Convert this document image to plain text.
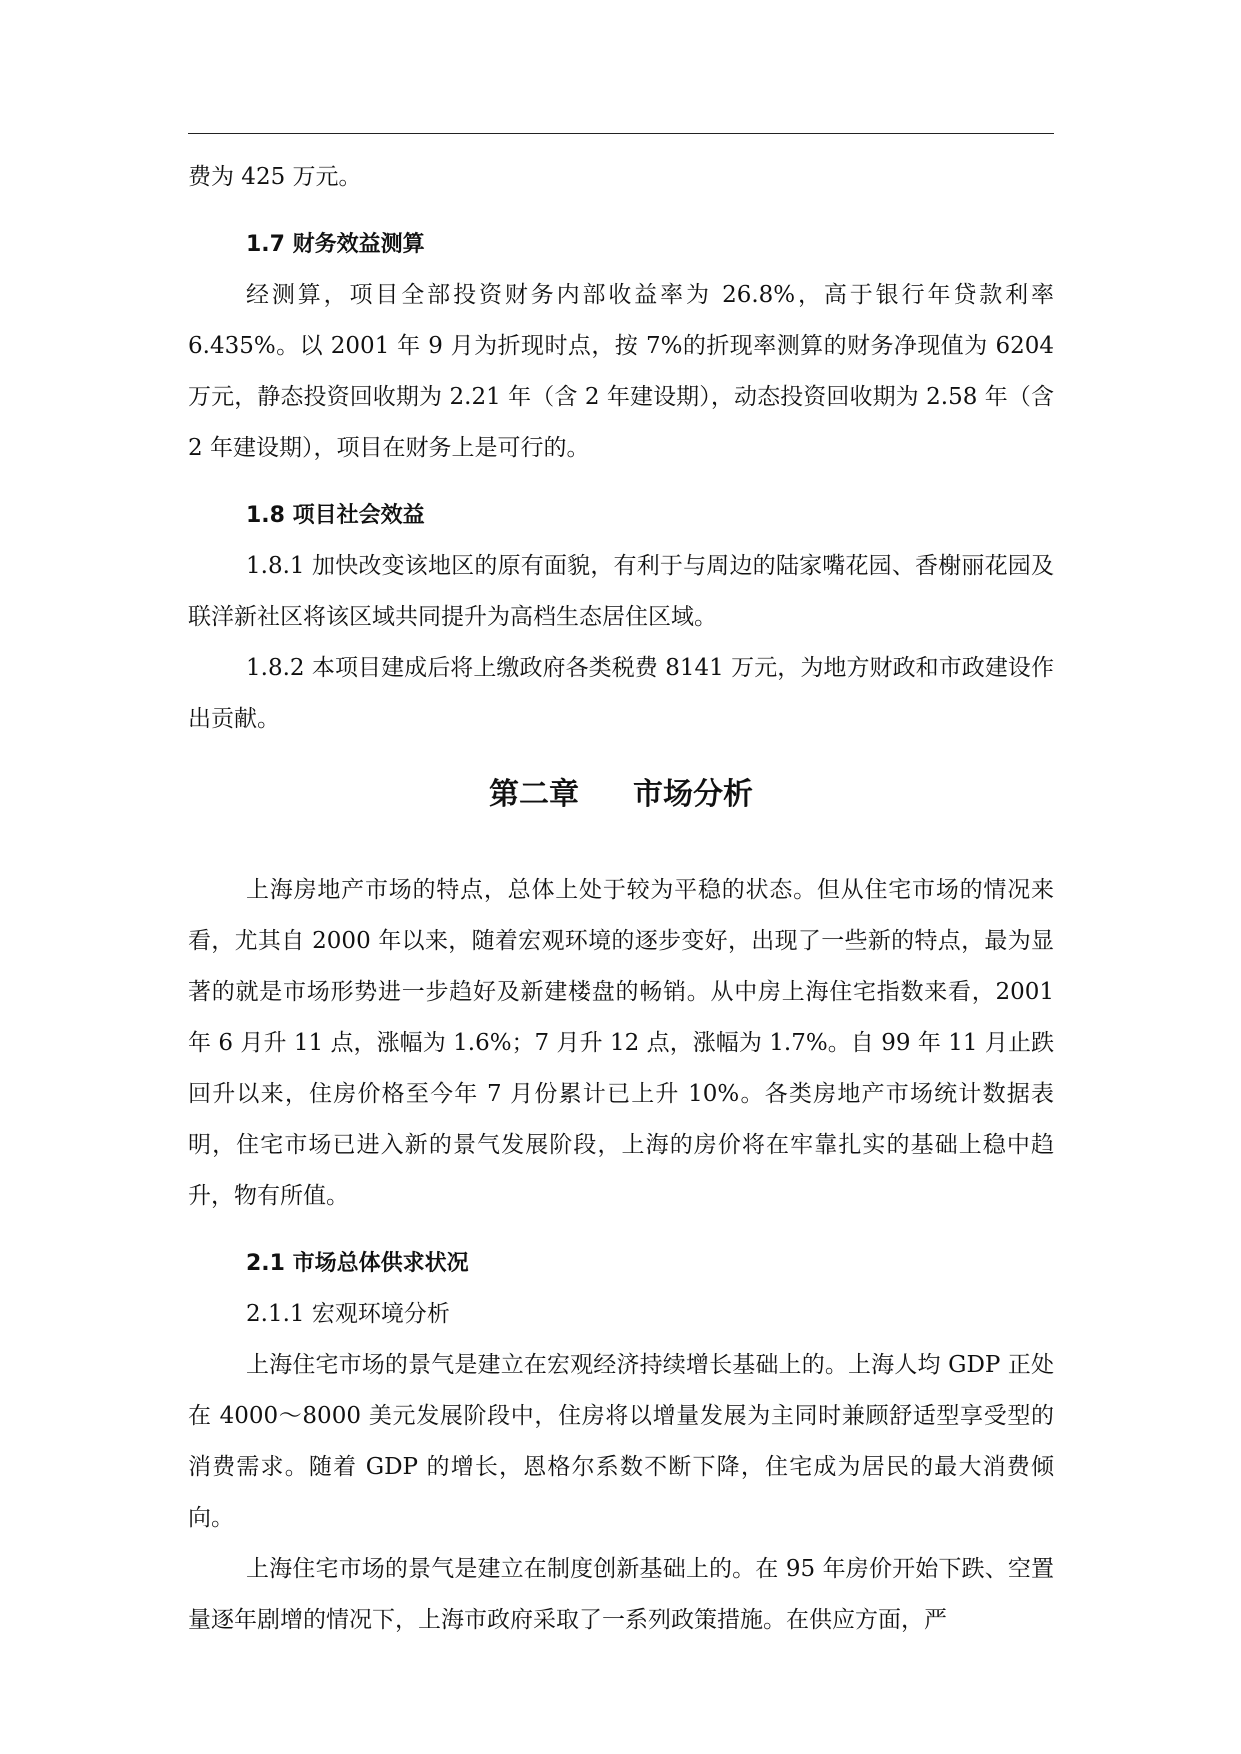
费为 425 万元。

1.7 财务效益测算

经测算，项目全部投资财务内部收益率为 26.8%，高于银行年贷款利率 6.435%。以 2001 年 9 月为折现时点，按 7%的折现率测算的财务净现值为 6204 万元，静态投资回收期为 2.21 年（含 2 年建设期），动态投资回收期为 2.58 年（含 2 年建设期），项目在财务上是可行的。

1.8 项目社会效益

1.8.1 加快改变该地区的原有面貌，有利于与周边的陆家嘴花园、香榭丽花园及联洋新社区将该区域共同提升为高档生态居住区域。

1.8.2 本项目建成后将上缴政府各类税费 8141 万元，为地方财政和市政建设作出贡献。

第二章 市场分析

上海房地产市场的特点，总体上处于较为平稳的状态。但从住宅市场的情况来看，尤其自 2000 年以来，随着宏观环境的逐步变好，出现了一些新的特点，最为显著的就是市场形势进一步趋好及新建楼盘的畅销。从中房上海住宅指数来看，2001 年 6 月升 11 点，涨幅为 1.6%；7 月升 12 点，涨幅为 1.7%。自 99 年 11 月止跌回升以来，住房价格至今年 7 月份累计已上升 10%。各类房地产市场统计数据表明，住宅市场已进入新的景气发展阶段，上海的房价将在牢靠扎实的基础上稳中趋升，物有所值。

2.1 市场总体供求状况

2.1.1 宏观环境分析

上海住宅市场的景气是建立在宏观经济持续增长基础上的。上海人均 GDP 正处在 4000～8000 美元发展阶段中，住房将以增量发展为主同时兼顾舒适型享受型的消费需求。随着 GDP 的增长，恩格尔系数不断下降，住宅成为居民的最大消费倾向。

上海住宅市场的景气是建立在制度创新基础上的。在 95 年房价开始下跌、空置量逐年剧增的情况下，上海市政府采取了一系列政策措施。在供应方面，严
